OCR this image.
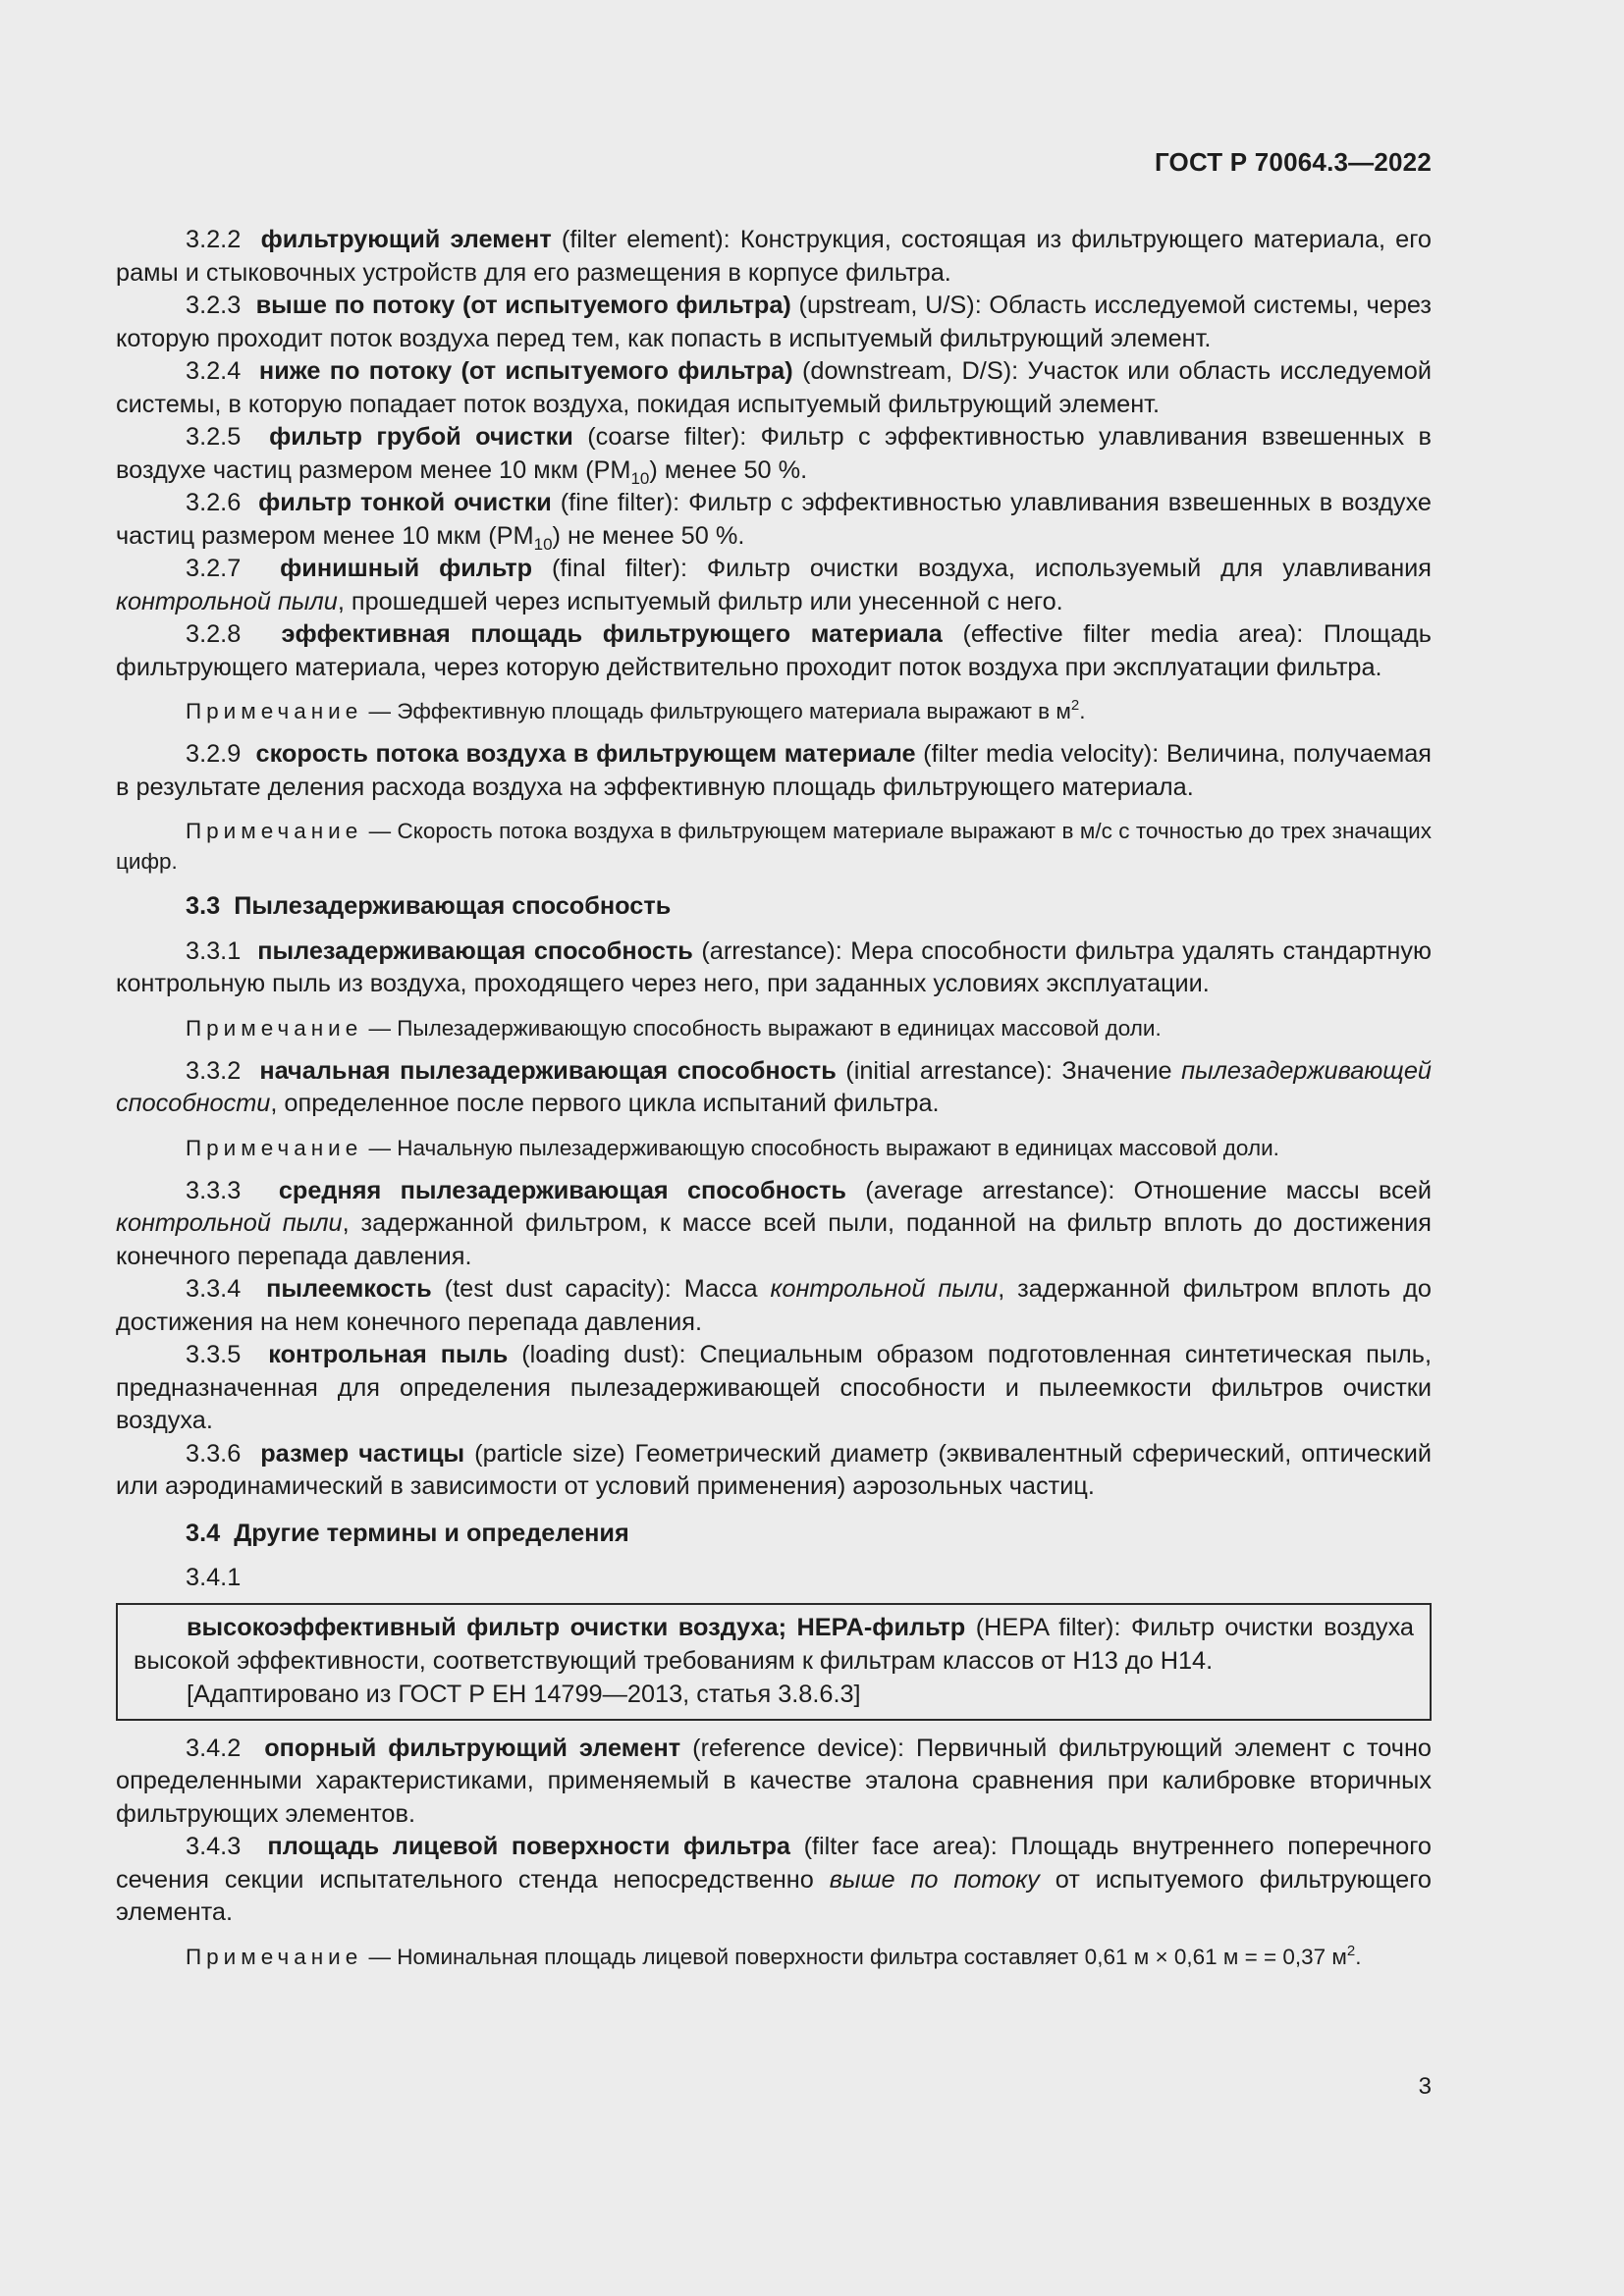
ГОСТ Р 70064.3—2022

3.2.2 фильтрующий элемент (filter element): Конструкция, состоящая из фильтрующего материала, его рамы и стыковочных устройств для его размещения в корпусе фильтра.

3.2.3 выше по потоку (от испытуемого фильтра) (upstream, U/S): Область исследуемой системы, через которую проходит поток воздуха перед тем, как попасть в испытуемый фильтрующий элемент.

3.2.4 ниже по потоку (от испытуемого фильтра) (downstream, D/S): Участок или область исследуемой системы, в которую попадает поток воздуха, покидая испытуемый фильтрующий элемент.

3.2.5 фильтр грубой очистки (coarse filter): Фильтр с эффективностью улавливания взвешенных в воздухе частиц размером менее 10 мкм $(PM_{10})$ менее 50 %.

3.2.6 фильтр тонкой очистки (fine filter): Фильтр с эффективностью улавливания взвешенных в воздухе частиц размером менее 10 мкм $(PM_{10})$ не менее 50 %.

3.2.7 финишный фильтр (final filter): Фильтр очистки воздуха, используемый для улавливания контрольной пыли, прошедшей через испытуемый фильтр или унесенной с него.

3.2.8 эффективная площадь фильтрующего материала (effective filter media area): Площадь фильтрующего материала, через которую действительно проходит поток воздуха при эксплуатации фильтра.

Примечание — Эффективную площадь фильтрующего материала выражают в $м^2$.

3.2.9 скорость потока воздуха в фильтрующем материале (filter media velocity): Величина, получаемая в результате деления расхода воздуха на эффективную площадь фильтрующего материала.

Примечание — Скорость потока воздуха в фильтрующем материале выражают в м/с с точностью до трех значащих цифр.

3.3 Пылезадерживающая способность

3.3.1 пылезадерживающая способность (arrestance): Мера способности фильтра удалять стандартную контрольную пыль из воздуха, проходящего через него, при заданных условиях эксплуатации.

Примечание — Пылезадерживающую способность выражают в единицах массовой доли.

3.3.2 начальная пылезадерживающая способность (initial arrestance): Значение пылезадерживающей способности, определенное после первого цикла испытаний фильтра.

Примечание — Начальную пылезадерживающую способность выражают в единицах массовой доли.

3.3.3 средняя пылезадерживающая способность (average arrestance): Отношение массы всей контрольной пыли, задержанной фильтром, к массе всей пыли, поданной на фильтр вплоть до достижения конечного перепада давления.

3.3.4 пылеемкость (test dust capacity): Масса контрольной пыли, задержанной фильтром вплоть до достижения на нем конечного перепада давления.

3.3.5 контрольная пыль (loading dust): Специальным образом подготовленная синтетическая пыль, предназначенная для определения пылезадерживающей способности и пылеемкости фильтров очистки воздуха.

3.3.6 размер частицы (particle size) Геометрический диаметр (эквивалентный сферический, оптический или аэродинамический в зависимости от условий применения) аэрозольных частиц.

3.4 Другие термины и определения

3.4.1

высокоэффективный фильтр очистки воздуха; HEPA-фильтр (HEPA filter): Фильтр очистки воздуха высокой эффективности, соответствующий требованиям к фильтрам классов от H13 до H14.

[Адаптировано из ГОСТ Р ЕН 14799—2013, статья 3.8.6.3]

3.4.2 опорный фильтрующий элемент (reference device): Первичный фильтрующий элемент с точно определенными характеристиками, применяемый в качестве эталона сравнения при калибровке вторичных фильтрующих элементов.

3.4.3 площадь лицевой поверхности фильтра (filter face area): Площадь внутреннего поперечного сечения секции испытательного стенда непосредственно выше по потоку от испытуемого фильтрующего элемента.

Примечание — Номинальная площадь лицевой поверхности фильтра составляет 0,61 м × 0,61 м = = 0,37 $м^2$.

3
